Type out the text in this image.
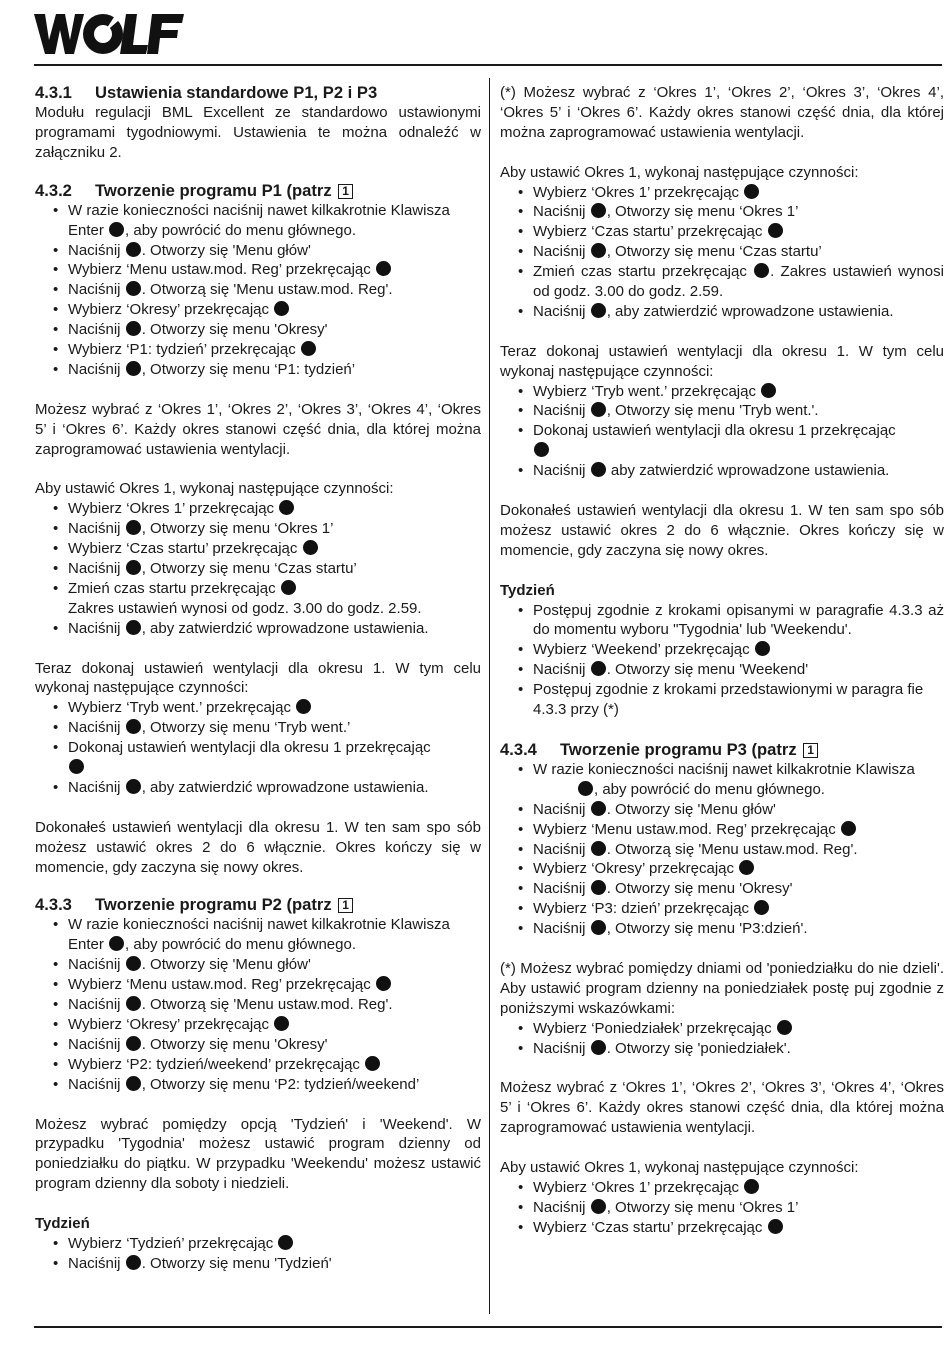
4.3.1 Ustawienia standardowe P1, P2 i P3

Modułu regulacji BML Excellent ze standardowo ustawionymi programami tygodniowymi. Ustawienia te można odnaleźć w załączniku 2.

4.3.2 Tworzenie programu P1 (patrz 1
• W razie konieczności naciśnij nawet kilkakrotnie Klawisza Enter , aby powrócić do menu głównego.
• Naciśnij . Otworzy się 'Menu głów'
• Wybierz ‘Menu ustaw.mod. Reg’ przekręcając
• Naciśnij . Otworzą się 'Menu ustaw.mod. Reg'.
• Wybierz ‘Okresy’ przekręcając
• Naciśnij . Otworzy się menu 'Okresy'
• Wybierz ‘P1: tydzień’ przekręcając
• Naciśnij , Otworzy się menu ‘P1: tydzień’

Możesz wybrać z ‘Okres 1’, ‘Okres 2’, ‘Okres 3’, ‘Okres 4’, ‘Okres 5’ i ‘Okres 6’. Każdy okres stanowi część dnia, dla której można zaprogramować ustawienia wentylacji.

Aby ustawić Okres 1, wykonaj następujące czynności:

• Wybierz ‘Okres 1’ przekręcając
• Naciśnij , Otworzy się menu ‘Okres 1’
• Wybierz ‘Czas startu’ przekręcając
• Naciśnij , Otworzy się menu ‘Czas startu’
• Zmień czas startu przekręcając
Zakres ustawień wynosi od godz. 3.00 do godz. 2.59.
• Naciśnij , aby zatwierdzić wprowadzone ustawienia.

Teraz dokonaj ustawień wentylacji dla okresu 1. W tym celu wykonaj następujące czynności:

• Wybierz ‘Tryb went.’ przekręcając
• Naciśnij , Otworzy się menu ‘Tryb went.’
• Dokonaj ustawień wentylacji dla okresu 1 przekręcając

• Naciśnij , aby zatwierdzić wprowadzone ustawienia.

Dokonałeś ustawień wentylacji dla okresu 1. W ten sam spo sób możesz ustawić okres 2 do 6 włącznie. Okres kończy się w momencie, gdy zaczyna się nowy okres.

4.3.3 Tworzenie programu P2 (patrz 1
• W razie konieczności naciśnij nawet kilkakrotnie Klawisza Enter , aby powrócić do menu głównego.
• Naciśnij . Otworzy się 'Menu głów'
• Wybierz ‘Menu ustaw.mod. Reg’ przekręcając
• Naciśnij . Otworzą się 'Menu ustaw.mod. Reg'.
• Wybierz ‘Okresy’ przekręcając
• Naciśnij . Otworzy się menu 'Okresy'
• Wybierz ‘P2: tydzień/weekend’ przekręcając
• Naciśnij , Otworzy się menu ‘P2: tydzień/weekend’

Możesz wybrać pomiędzy opcją 'Tydzień' i 'Weekend'. W przypadku 'Tygodnia' możesz ustawić program dzienny od poniedziałku do piątku. W przypadku 'Weekendu' możesz ustawić program dzienny dla soboty i niedzieli.

Tydzień

• Wybierz ‘Tydzień’ przekręcając
• Naciśnij . Otworzy się menu 'Tydzień'

(*) Możesz wybrać z ‘Okres 1’, ‘Okres 2’, ‘Okres 3’, ‘Okres 4’, ‘Okres 5’ i ‘Okres 6’. Każdy okres stanowi część dnia, dla której można zaprogramować ustawienia wentylacji.

Aby ustawić Okres 1, wykonaj następujące czynności:

• Wybierz ‘Okres 1’ przekręcając
• Naciśnij , Otworzy się menu ‘Okres 1’
• Wybierz ‘Czas startu’ przekręcając
• Naciśnij , Otworzy się menu ‘Czas startu’
• Zmień czas startu przekręcając . Zakres ustawień wynosi od godz. 3.00 do godz. 2.59.
• Naciśnij , aby zatwierdzić wprowadzone ustawienia.

Teraz dokonaj ustawień wentylacji dla okresu 1. W tym celu wykonaj następujące czynności:

• Wybierz ‘Tryb went.’ przekręcając
• Naciśnij , Otworzy się menu 'Tryb went.'.
• Dokonaj ustawień wentylacji dla okresu 1 przekręcając

• Naciśnij  aby zatwierdzić wprowadzone ustawienia.

Dokonałeś ustawień wentylacji dla okresu 1. W ten sam spo sób możesz ustawić okres 2 do 6 włącznie. Okres kończy się w momencie, gdy zaczyna się nowy okres.

Tydzień

• Postępuj zgodnie z krokami opisanymi w paragrafie 4.3.3 aż do momentu wyboru "Tygodnia' lub 'Weekendu'.
• Wybierz ‘Weekend’ przekręcając
• Naciśnij . Otworzy się menu 'Weekend'
• Postępuj zgodnie z krokami przedstawionymi w paragra fie 4.3.3 przy (*)
4.3.4 Tworzenie programu P3 (patrz 1
• W razie konieczności naciśnij nawet kilkakrotnie Klawisza
, aby powrócić do menu głównego.
• Naciśnij . Otworzy się 'Menu głów'
• Wybierz ‘Menu ustaw.mod. Reg’ przekręcając
• Naciśnij . Otworzą się 'Menu ustaw.mod. Reg'.
• Wybierz ‘Okresy’ przekręcając
• Naciśnij . Otworzy się menu 'Okresy'
• Wybierz ‘P3: dzień’ przekręcając
• Naciśnij , Otworzy się menu 'P3:dzień'.

(*) Możesz wybrać pomiędzy dniami od 'poniedziałku do nie dzieli'. Aby ustawić program dzienny na poniedziałek postę puj zgodnie z poniższymi wskazówkami:

• Wybierz ‘Poniedziałek’ przekręcając
• Naciśnij . Otworzy się 'poniedziałek'.

Możesz wybrać z ‘Okres 1’, ‘Okres 2’, ‘Okres 3’, ‘Okres 4’, ‘Okres 5’ i ‘Okres 6’. Każdy okres stanowi część dnia, dla której można zaprogramować ustawienia wentylacji.

Aby ustawić Okres 1, wykonaj następujące czynności:

• Wybierz ‘Okres 1’ przekręcając
• Naciśnij , Otworzy się menu ‘Okres 1’
• Wybierz ‘Czas startu’ przekręcając
